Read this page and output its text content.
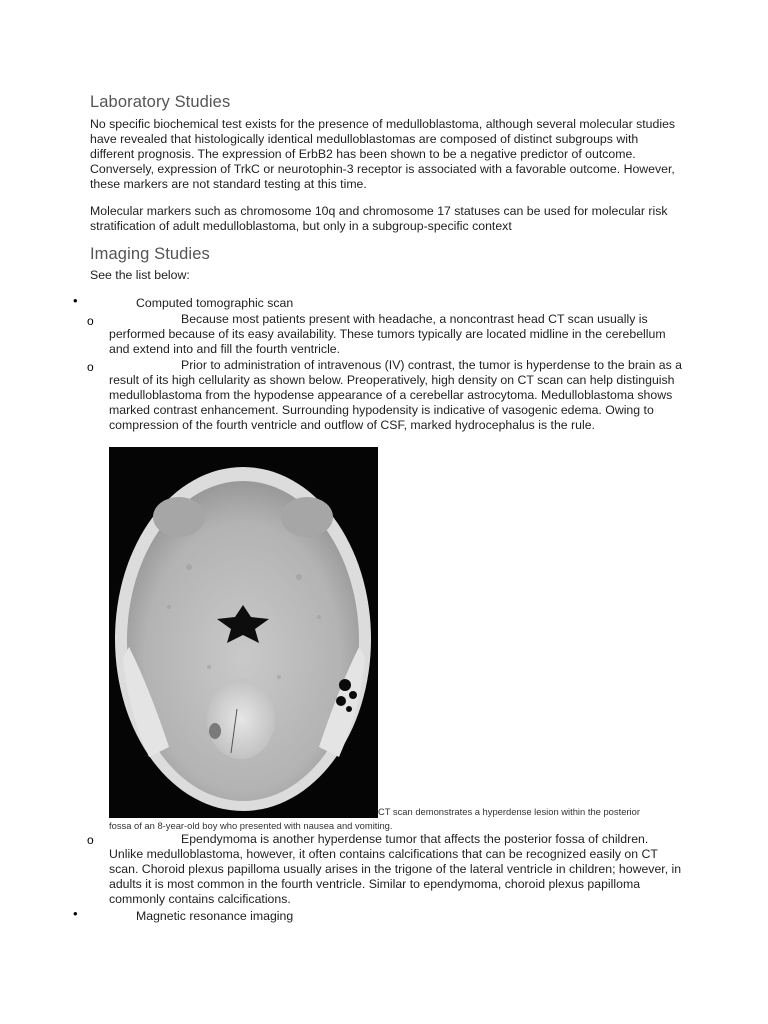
Laboratory Studies

No specific biochemical test exists for the presence of medulloblastoma, although several molecular studies have revealed that histologically identical medulloblastomas are composed of distinct subgroups with different prognosis. The expression of ErbB2 has been shown to be a negative predictor of outcome. Conversely, expression of TrkC or neurotophin-3 receptor is associated with a favorable outcome. However, these markers are not standard testing at this time.

Molecular markers such as chromosome 10q and chromosome 17 statuses can be used for molecular risk stratification of adult medulloblastoma, but only in a subgroup-specific context

Imaging Studies

See the list below:

•	Computed tomographic scan
o	Because most patients present with headache, a noncontrast head CT scan usually is performed because of its easy availability. These tumors typically are located midline in the cerebellum and extend into and fill the fourth ventricle.

o	Prior to administration of intravenous (IV) contrast, the tumor is hyperdense to the brain as a result of its high cellularity as shown below. Preoperatively, high density on CT scan can help distinguish medulloblastoma from the hypodense appearance of a cerebellar astrocytoma. Medulloblastoma shows marked contrast enhancement. Surrounding hypodensity is indicative of vasogenic edema. Owing to compression of the fourth ventricle and outflow of CSF, marked hydrocephalus is the rule.

CT scan demonstrates a hyperdense lesion within the posterior
fossa of an 8-year-old boy who presented with nausea and vomiting.
o	Ependymoma is another hyperdense tumor that affects the posterior fossa of children. Unlike medulloblastoma, however, it often contains calcifications that can be recognized easily on CT scan. Choroid plexus papilloma usually arises in the trigone of the lateral ventricle in children; however, in adults it is most common in the fourth ventricle. Similar to ependymoma, choroid plexus papilloma commonly contains calcifications.

•	Magnetic resonance imaging
